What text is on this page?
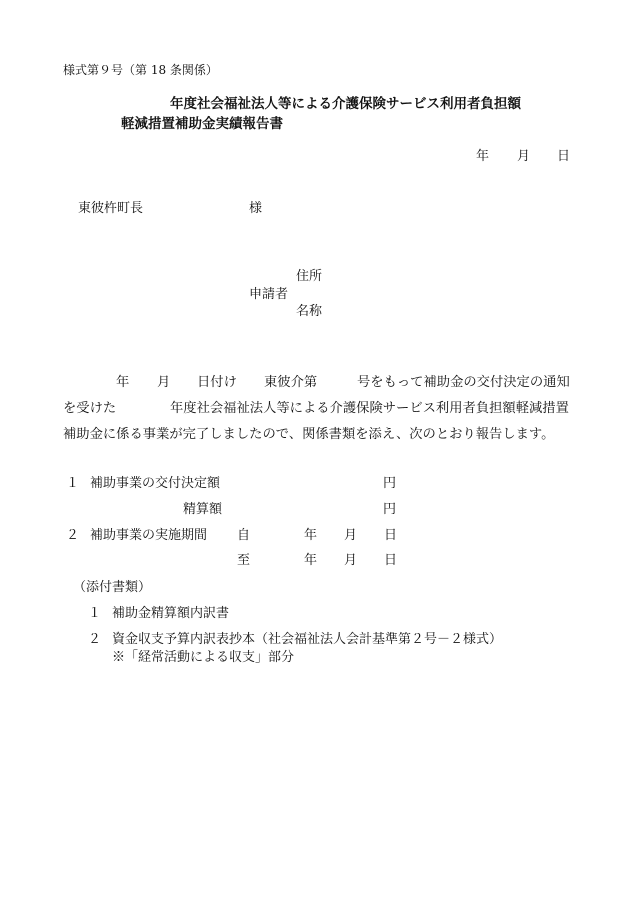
様式第９号（第 18 条関係）
年度社会福祉法人等による介護保険サービス利用者負担額
軽減措置補助金実績報告書
年 月 日
東彼杵町長	様
住所
申請者
名称
年 月 日付け 東彼介第	号をもって補助金の交付決定の通知
を受けた	年度社会福祉法人等による介護保険サービス利用者負担額軽減措置
補助金に係る事業が完了しましたので、関係書類を添え、次のとおり報告します。
１ 補助事業の交付決定額	円
精算額	円
２ 補助事業の実施期間 自	年 月 日
至	年 月 日
（添付書類）
１ 補助金精算額内訳書
２ 資金収支予算内訳表抄本（社会福祉法人会計基準第２号－２様式）
※「経常活動による収支」部分
